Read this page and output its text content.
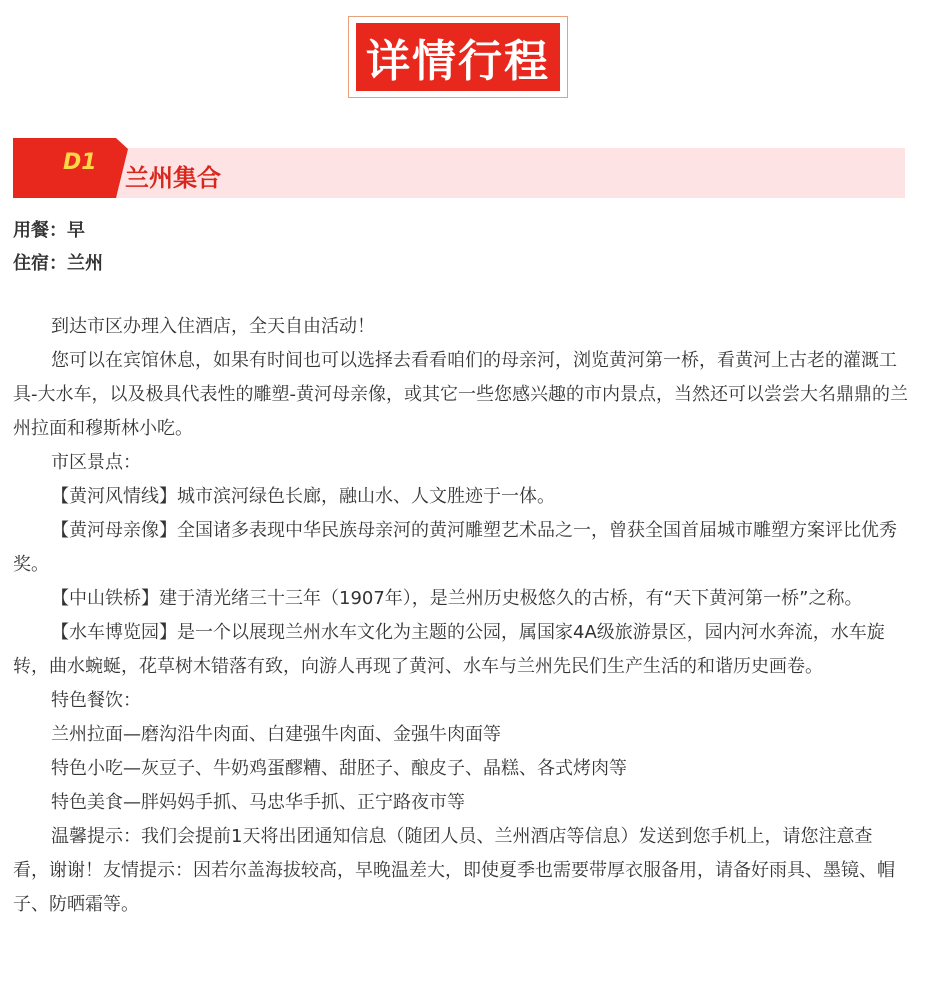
详情行程
D1
兰州集合
用餐：早
住宿：兰州

到达市区办理入住酒店，全天自由活动！

您可以在宾馆休息，如果有时间也可以选择去看看咱们的母亲河，浏览黄河第一桥，看黄河上古老的灌溉工具-大水车，以及极具代表性的雕塑-黄河母亲像，或其它一些您感兴趣的市内景点，当然还可以尝尝大名鼎鼎的兰州拉面和穆斯林小吃。

市区景点：

【黄河风情线】城市滨河绿色长廊，融山水、人文胜迹于一体。

【黄河母亲像】全国诸多表现中华民族母亲河的黄河雕塑艺术品之一，曾获全国首届城市雕塑方案评比优秀奖。

【中山铁桥】建于清光绪三十三年（1907年），是兰州历史极悠久的古桥，有“天下黄河第一桥”之称。

【水车博览园】是一个以展现兰州水车文化为主题的公园，属国家4A级旅游景区，园内河水奔流，水车旋转，曲水蜿蜒，花草树木错落有致，向游人再现了黄河、水车与兰州先民们生产生活的和谐历史画卷。

特色餐饮：

兰州拉面—磨沟沿牛肉面、白建强牛肉面、金强牛肉面等

特色小吃—灰豆子、牛奶鸡蛋醪糟、甜胚子、酿皮子、晶糕、各式烤肉等

特色美食—胖妈妈手抓、马忠华手抓、正宁路夜市等

温馨提示：我们会提前1天将出团通知信息（随团人员、兰州酒店等信息）发送到您手机上，请您注意查看，谢谢！友情提示：因若尔盖海拔较高，早晚温差大，即使夏季也需要带厚衣服备用，请备好雨具、墨镜、帽子、防晒霜等。
